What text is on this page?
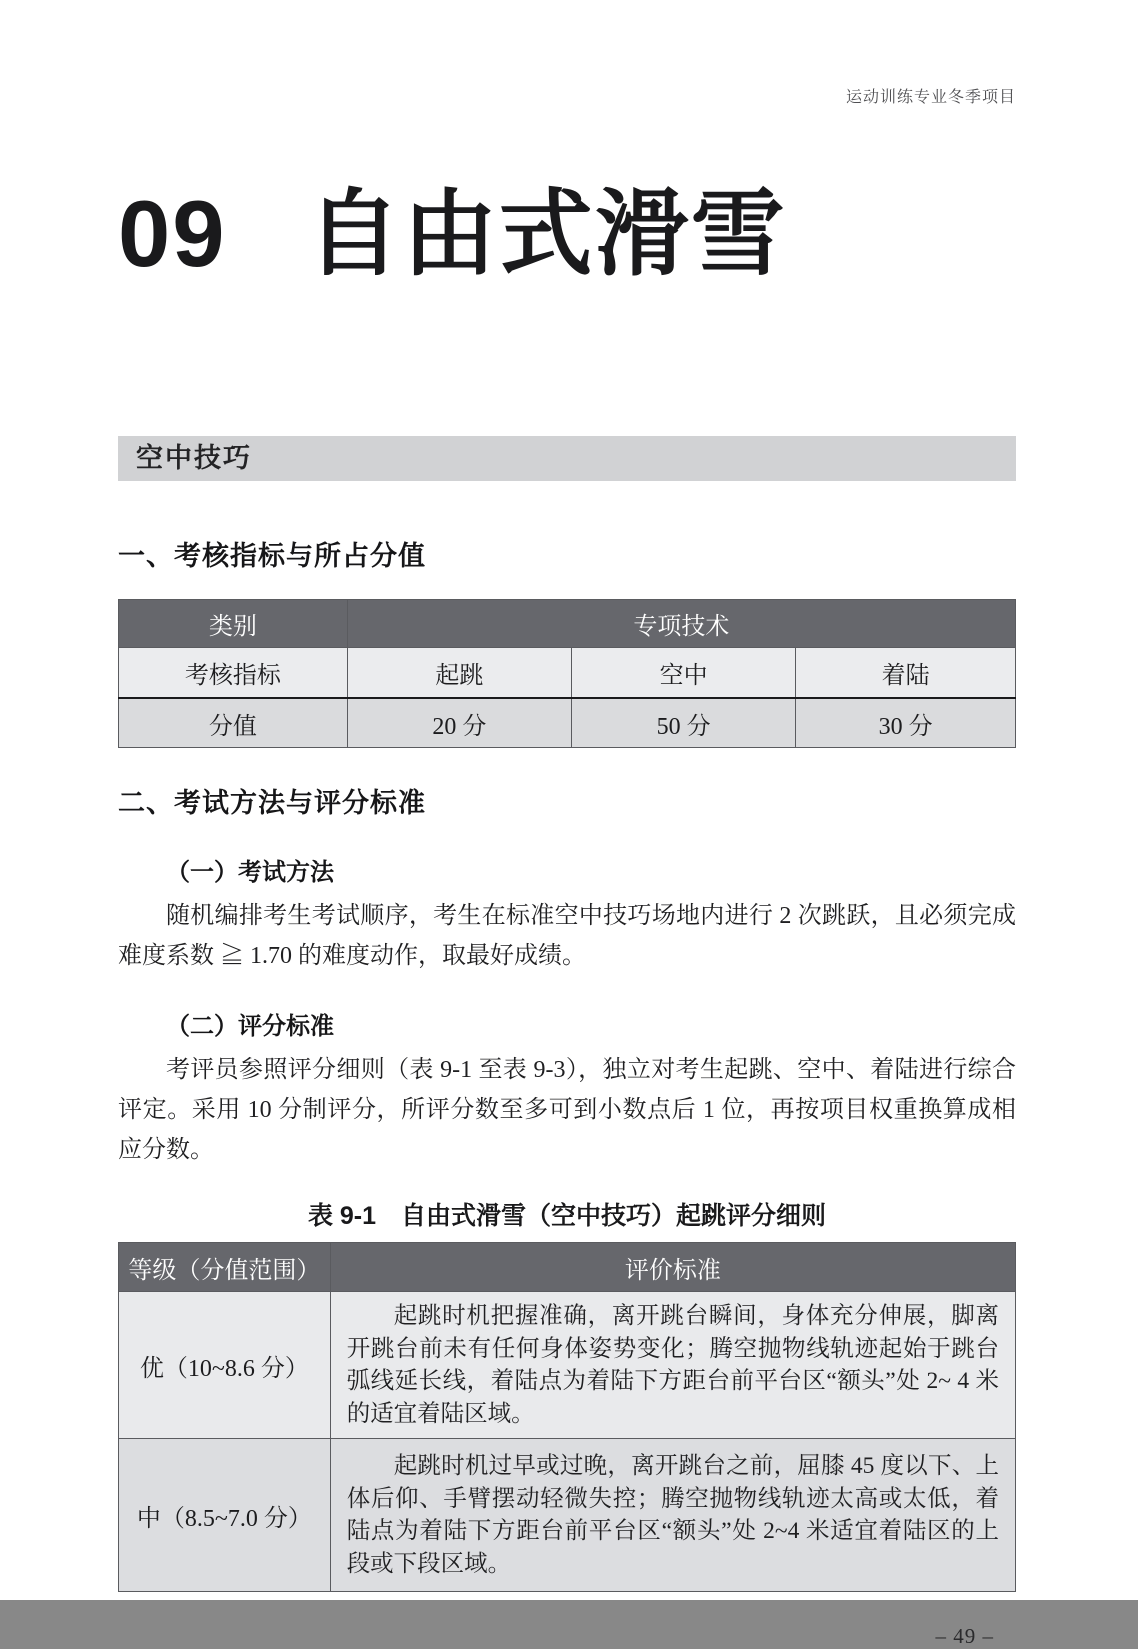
运动训练专业冬季项目
09 自由式滑雪
空中技巧
一、考核指标与所占分值
类别	专项技术		
考核指标	起跳	空中	着陆
分值	20 分	50 分	30 分
二、考试方法与评分标准
（一）考试方法

随机编排考生考试顺序，考生在标准空中技巧场地内进行 2 次跳跃，且必须完成难度系数 ≧ 1.70 的难度动作，取最好成绩。

（二）评分标准

考评员参照评分细则（表 9-1 至表 9-3），独立对考生起跳、空中、着陆进行综合评定。采用 10 分制评分，所评分数至多可到小数点后 1 位，再按项目权重换算成相应分数。

表 9-1　自由式滑雪（空中技巧）起跳评分细则
等级（分值范围）	评价标准
优（10~8.6 分）	起跳时机把握准确，离开跳台瞬间，身体充分伸展，脚离开跳台前未有任何身体姿势变化；腾空抛物线轨迹起始于跳台弧线延长线，着陆点为着陆下方距台前平台区“额头”处 2~ 4 米的适宜着陆区域。
中（8.5~7.0 分）	起跳时机过早或过晚，离开跳台之前，屈膝 45 度以下、上体后仰、手臂摆动轻微失控；腾空抛物线轨迹太高或太低，着陆点为着陆下方距台前平台区“额头”处 2~4 米适宜着陆区的上段或下段区域。
– 49 –
